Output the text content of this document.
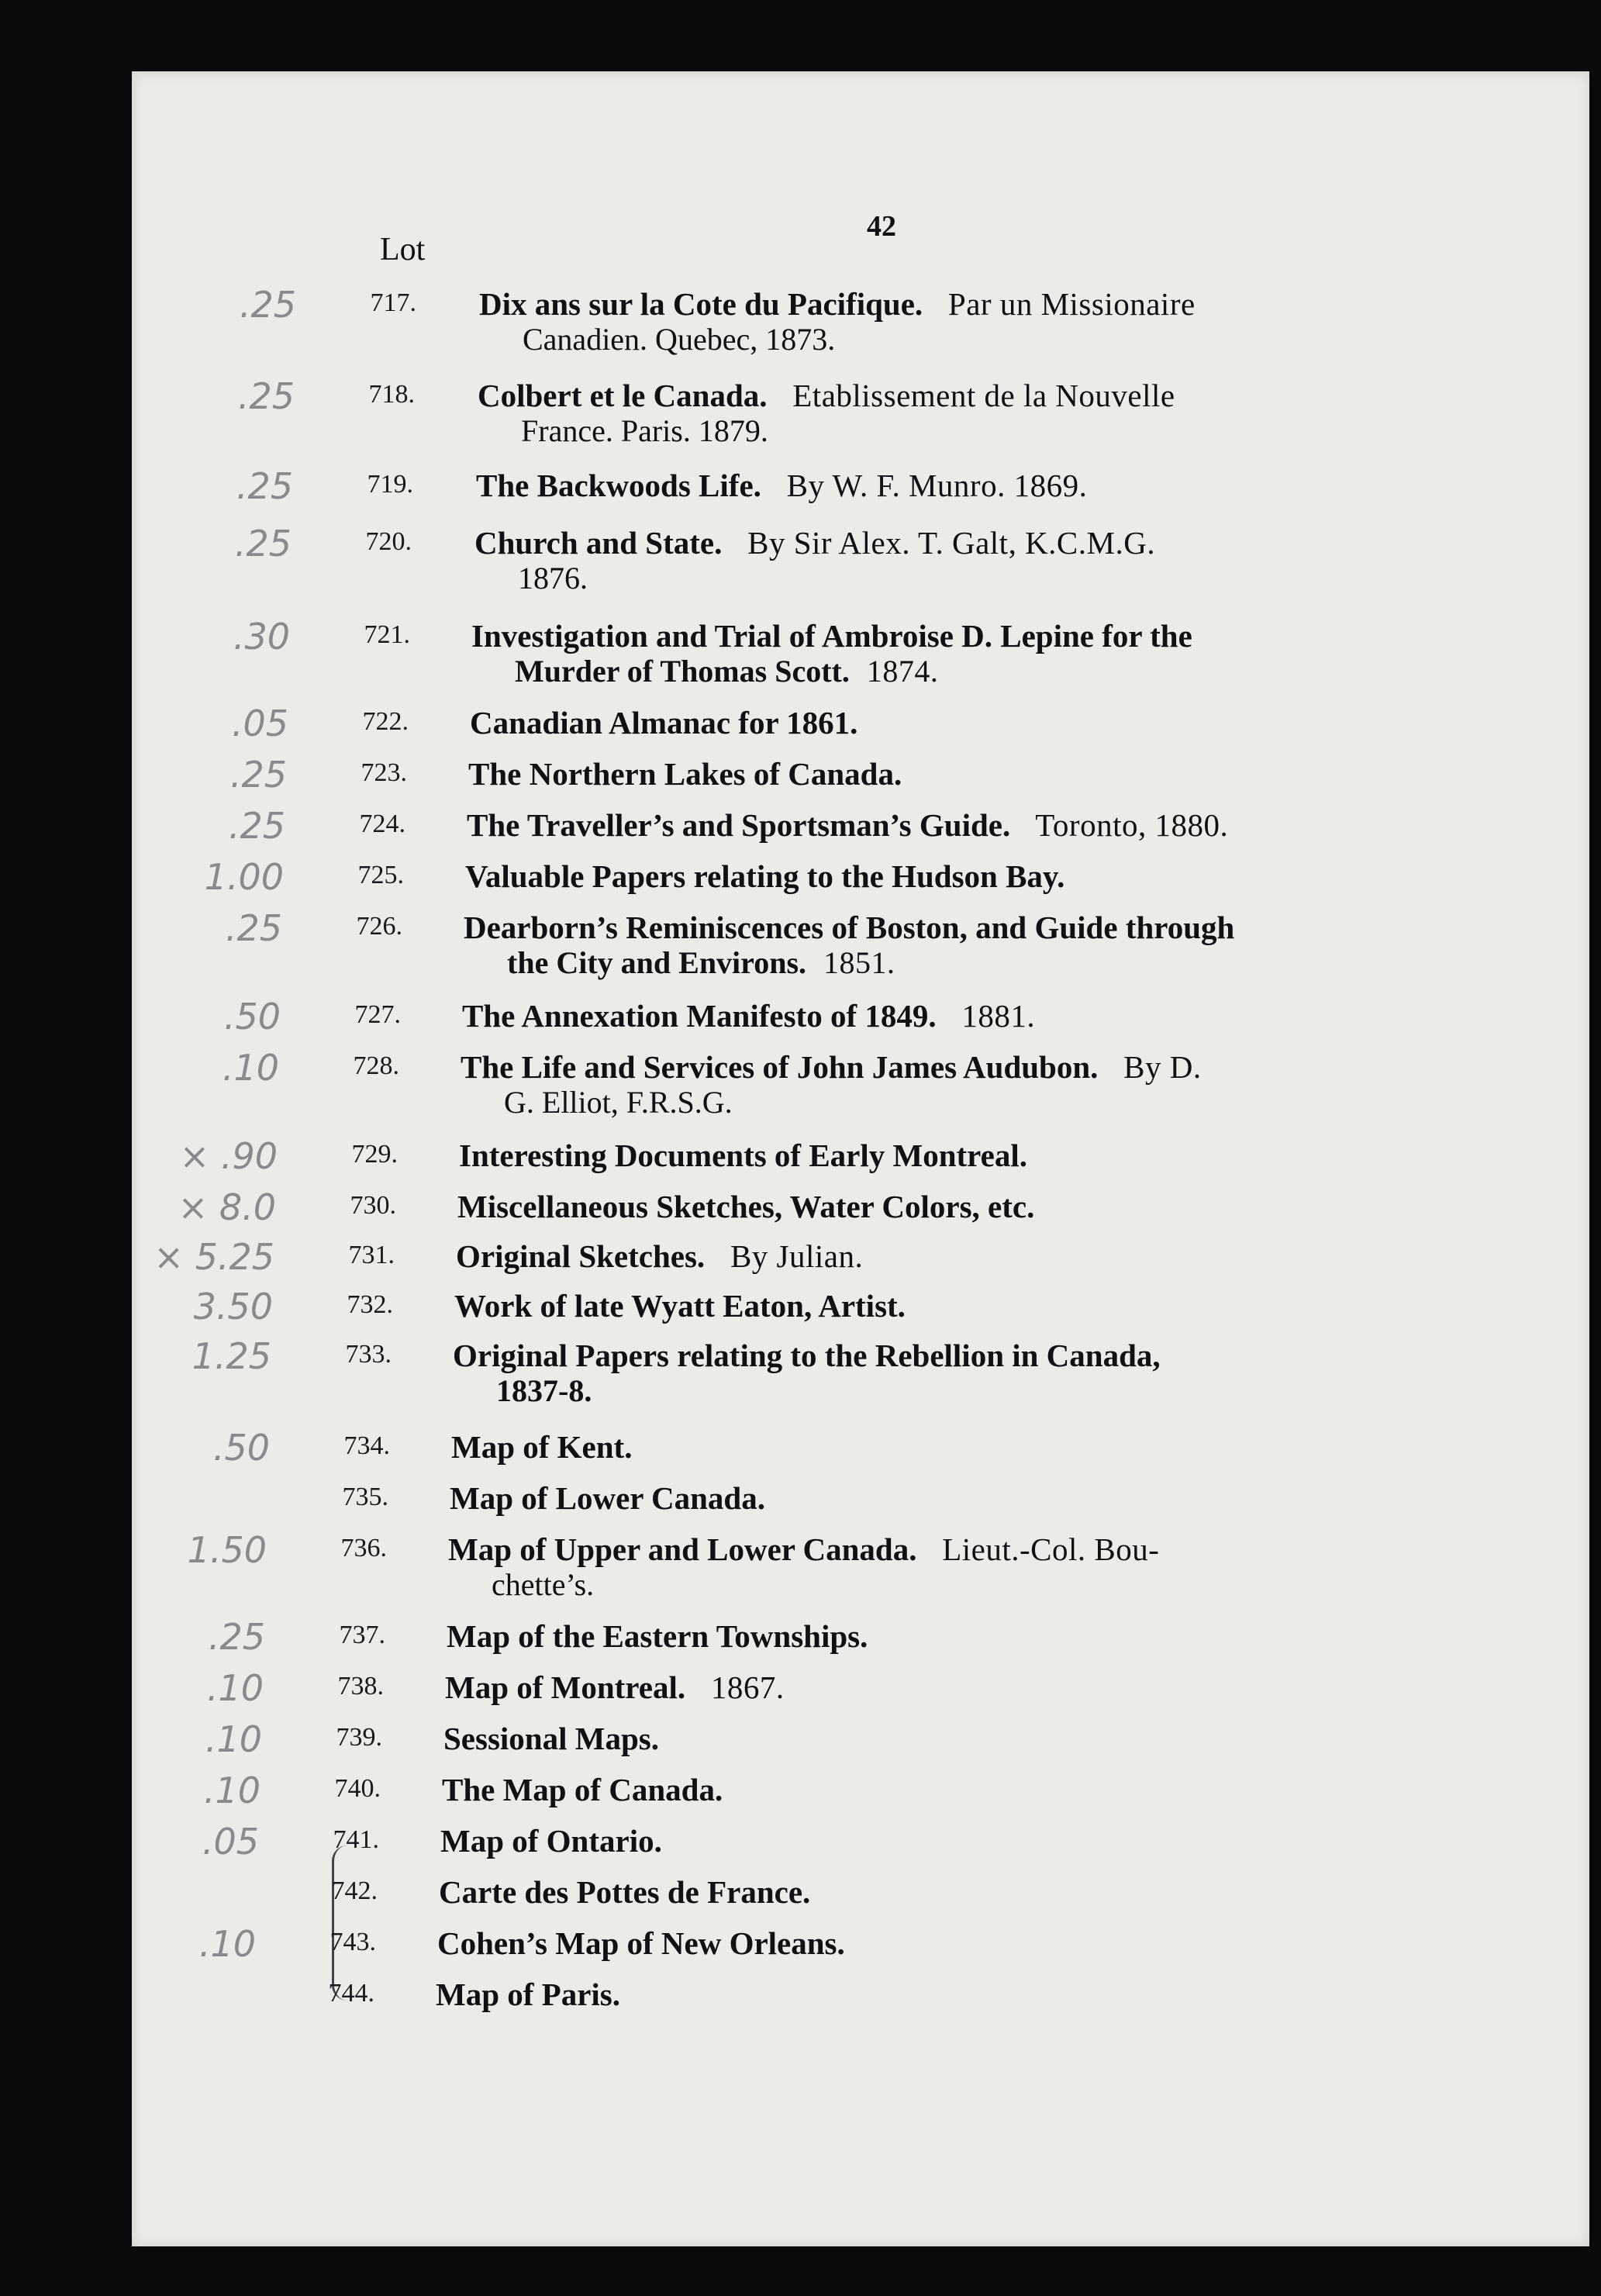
42
Lot
.25	717. Dix ans sur la Cote du Pacifique. Par un Missionaire
Canadien. Quebec, 1873.
.25	718. Colbert et le Canada. Etablissement de la Nouvelle
France. Paris. 1879.
.25	719. The Backwoods Life. By W. F. Munro. 1869.
.25	720. Church and State. By Sir Alex. T. Galt, K.C.M.G.
1876.
.30	721. Investigation and Trial of Ambroise D. Lepine for the
Murder of Thomas Scott. 1874.
.05	722. Canadian Almanac for 1861.
.25	723. The Northern Lakes of Canada.
.25	724. The Traveller’s and Sportsman’s Guide. Toronto, 1880.
1.00	725. Valuable Papers relating to the Hudson Bay.
.25	726. Dearborn’s Reminiscences of Boston, and Guide through
the City and Environs. 1851.
.50	727. The Annexation Manifesto of 1849. 1881.
.10	728. The Life and Services of John James Audubon. By D.
G. Elliot, F.R.S.G.
× .90	729. Interesting Documents of Early Montreal.
× 8.0	730. Miscellaneous Sketches, Water Colors, etc.
× 5.25	731. Original Sketches. By Julian.
3.50	732. Work of late Wyatt Eaton, Artist.
1.25	733. Original Papers relating to the Rebellion in Canada,
1837-8.
.50	734. Map of Kent.
735. Map of Lower Canada.
1.50	736. Map of Upper and Lower Canada. Lieut.-Col. Bou-
chette’s.
.25	737. Map of the Eastern Townships.
.10	738. Map of Montreal. 1867.
.10	739. Sessional Maps.
.10	740. The Map of Canada.
.05	741. Map of Ontario.
742. Carte des Pottes de France.
.10	743. Cohen’s Map of New Orleans.
744. Map of Paris.
